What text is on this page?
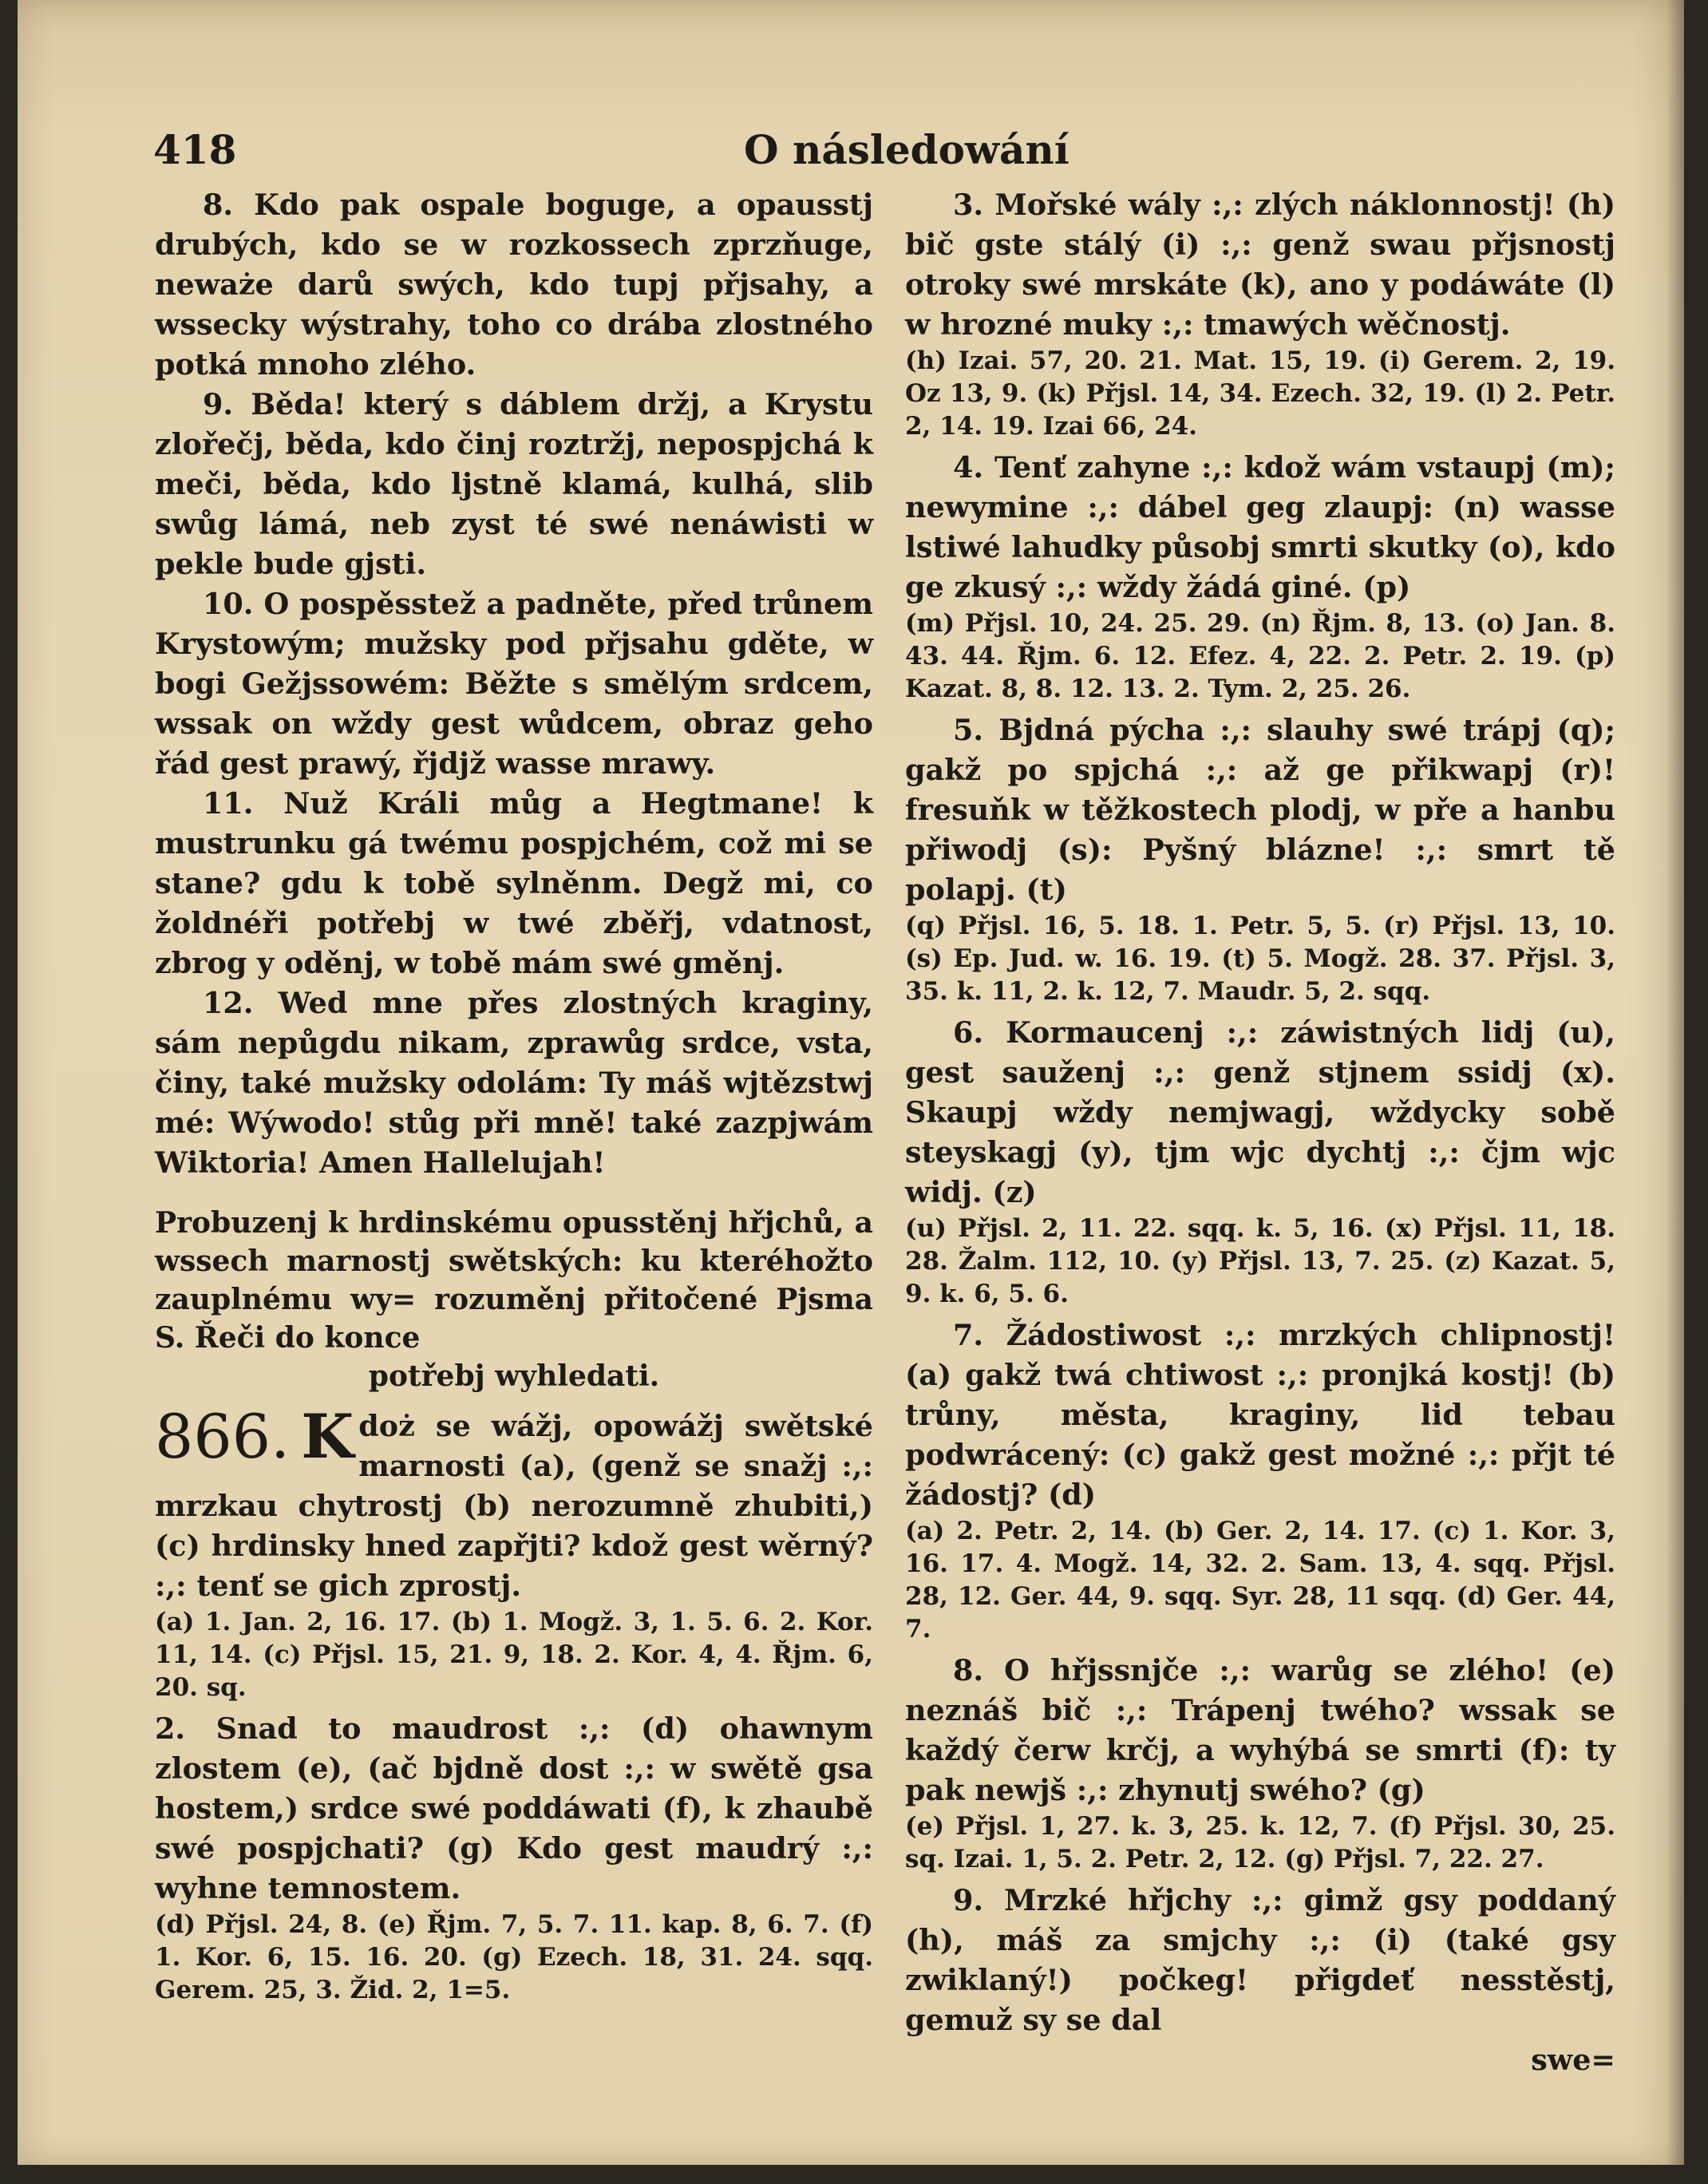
418	O následowání

8. Kdo pak ospale boguge, a opausstj drubých, kdo se w rozkossech zprzňuge, neważe darů swých, kdo tupj přjsahy, a wssecky wýstrahy, toho co drába zlostného potká mnoho zlého.

9. Běda! který s dáblem držj, a Krystu zlořečj, běda, kdo činj roztržj, nepospjchá k meči, běda, kdo ljstně klamá, kulhá, slib swůg lámá, neb zyst té swé nenáwisti w pekle bude gjsti.

10. O pospěsstež a padněte, před trůnem Krystowým; mužsky pod přjsahu gděte, w bogi Gežjssowém: Běžte s smělým srdcem, wssak on wždy gest wůdcem, obraz geho řád gest prawý, řjdjž wasse mrawy.

11. Nuž Králi můg a Hegtmane! k mustrunku gá twému pospjchém, což mi se stane? gdu k tobě sylněnm. Degž mi, co žoldnéři potřebj w twé zběřj, vdatnost, zbrog y oděnj, w tobě mám swé gměnj.

12. Wed mne přes zlostných kraginy, sám nepůgdu nikam, zprawůg srdce, vsta, činy, také mužsky odolám: Ty máš wjtězstwj mé: Wýwodo! stůg při mně! také zazpjwám Wiktoria! Amen Hallelujah!

Probuzenj k hrdinskému opusstěnj hřjchů, a wssech marnostj swětských: ku kteréhožto zauplnému wy= rozuměnj přitočené Pjsma S. Řeči do konce
potřebj wyhledati.
866. K doż se wážj, opowážj swětské marnosti (a), (genž se snažj :,: mrzkau chytrostj (b) nerozumně zhubiti,) (c) hrdinsky hned zapřjti? kdož gest wěrný? :,: tenť se gich zprostj.

(a) 1. Jan. 2, 16. 17. (b) 1. Mogž. 3, 1. 5. 6. 2. Kor. 11, 14. (c) Přjsl. 15, 21. 9, 18. 2. Kor. 4, 4. Řjm. 6, 20. sq.

2. Snad to maudrost :,: (d) ohawnym zlostem (e), (ač bjdně dost :,: w swětě gsa hostem,) srdce swé poddáwati (f), k zhaubě swé pospjchati? (g) Kdo gest maudrý :,: wyhne temnostem.

(d) Přjsl. 24, 8. (e) Řjm. 7, 5. 7. 11. kap. 8, 6. 7. (f) 1. Kor. 6, 15. 16. 20. (g) Ezech. 18, 31. 24. sqq. Gerem. 25, 3. Žid. 2, 1=5.

3. Mořské wály :,: zlých náklonnostj! (h) bič gste stálý (i) :,: genž swau přjsnostj otroky swé mrskáte (k), ano y podáwáte (l) w hrozné muky :,: tmawých wěčnostj.

(h) Izai. 57, 20. 21. Mat. 15, 19. (i) Gerem. 2, 19. Oz 13, 9. (k) Přjsl. 14, 34. Ezech. 32, 19. (l) 2. Petr. 2, 14. 19. Izai 66, 24.

4. Tenť zahyne :,: kdož wám vstaupj (m); newymine :,: dábel geg zlaupj: (n) wasse lstiwé lahudky působj smrti skutky (o), kdo ge zkusý :,: wždy žádá giné. (p)

(m) Přjsl. 10, 24. 25. 29. (n) Řjm. 8, 13. (o) Jan. 8. 43. 44. Řjm. 6. 12. Efez. 4, 22. 2. Petr. 2. 19. (p) Kazat. 8, 8. 12. 13. 2. Tym. 2, 25. 26.

5. Bjdná pýcha :,: slauhy swé trápj (q); gakž po spjchá :,: až ge přikwapj (r)! fresuňk w těžkostech plodj, w pře a hanbu přiwodj (s): Pyšný blázne! :,: smrt tě polapj. (t)

(q) Přjsl. 16, 5. 18. 1. Petr. 5, 5. (r) Přjsl. 13, 10. (s) Ep. Jud. w. 16. 19. (t) 5. Mogž. 28. 37. Přjsl. 3, 35. k. 11, 2. k. 12, 7. Maudr. 5, 2. sqq.

6. Kormaucenj :,: záwistných lidj (u), gest sauženj :,: genž stjnem ssidj (x). Skaupj wždy nemjwagj, wždycky sobě steyskagj (y), tjm wjc dychtj :,: čjm wjc widj. (z)

(u) Přjsl. 2, 11. 22. sqq. k. 5, 16. (x) Přjsl. 11, 18. 28. Žalm. 112, 10. (y) Přjsl. 13, 7. 25. (z) Kazat. 5, 9. k. 6, 5. 6.

7. Žádostiwost :,: mrzkých chlipnostj! (a) gakž twá chtiwost :,: pronjká kostj! (b) trůny, města, kraginy, lid tebau podwrácený: (c) gakž gest možné :,: přjt té žádostj? (d)

(a) 2. Petr. 2, 14. (b) Ger. 2, 14. 17. (c) 1. Kor. 3, 16. 17. 4. Mogž. 14, 32. 2. Sam. 13, 4. sqq. Přjsl. 28, 12. Ger. 44, 9. sqq. Syr. 28, 11 sqq. (d) Ger. 44, 7.

8. O hřjssnjče :,: warůg se zlého! (e) neznáš bič :,: Trápenj twého? wssak se každý čerw krčj, a wyhýbá se smrti (f): ty pak newjš :,: zhynutj swého? (g)

(e) Přjsl. 1, 27. k. 3, 25. k. 12, 7. (f) Přjsl. 30, 25. sq. Izai. 1, 5. 2. Petr. 2, 12. (g) Přjsl. 7, 22. 27.

9. Mrzké hřjchy :,: gimž gsy poddaný (h), máš za smjchy :,: (i) (také gsy zwiklaný!) počkeg! přigdeť nesstěstj, gemuž sy se dal

swe=
